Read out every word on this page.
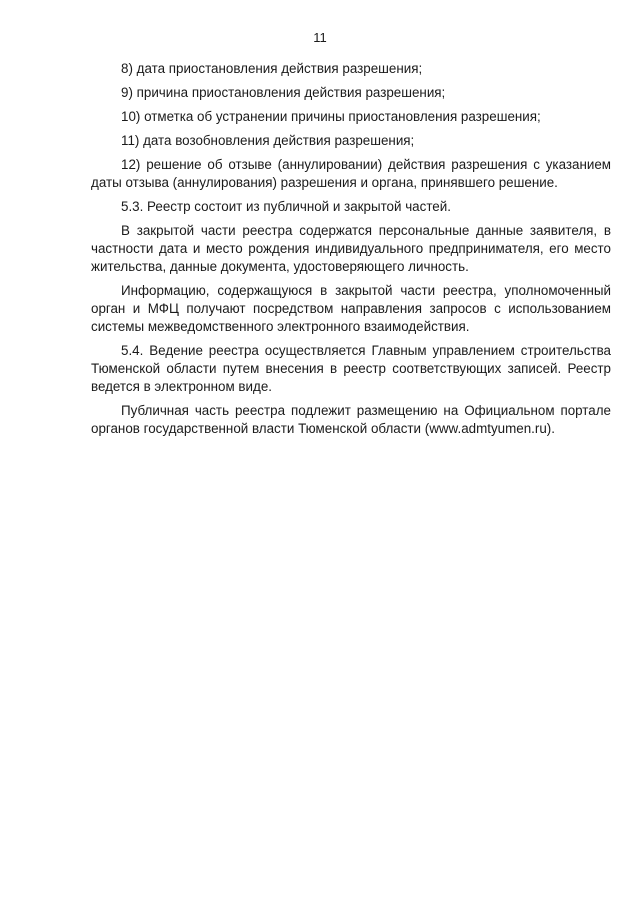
11

8) дата приостановления действия разрешения;

9) причина приостановления действия разрешения;

10) отметка об устранении причины приостановления разрешения;

11) дата возобновления действия разрешения;

12) решение об отзыве (аннулировании) действия разрешения с указанием даты отзыва (аннулирования) разрешения и органа, принявшего решение.

5.3. Реестр состоит из публичной и закрытой частей.

В закрытой части реестра содержатся персональные данные заявителя, в частности дата и место рождения индивидуального предпринимателя, его место жительства, данные документа, удостоверяющего личность.

Информацию, содержащуюся в закрытой части реестра, уполномоченный орган и МФЦ получают посредством направления запросов с использованием системы межведомственного электронного взаимодействия.

5.4. Ведение реестра осуществляется Главным управлением строительства Тюменской области путем внесения в реестр соответствующих записей. Реестр ведется в электронном виде.

Публичная часть реестра подлежит размещению на Официальном портале органов государственной власти Тюменской области (www.admtyumen.ru).
